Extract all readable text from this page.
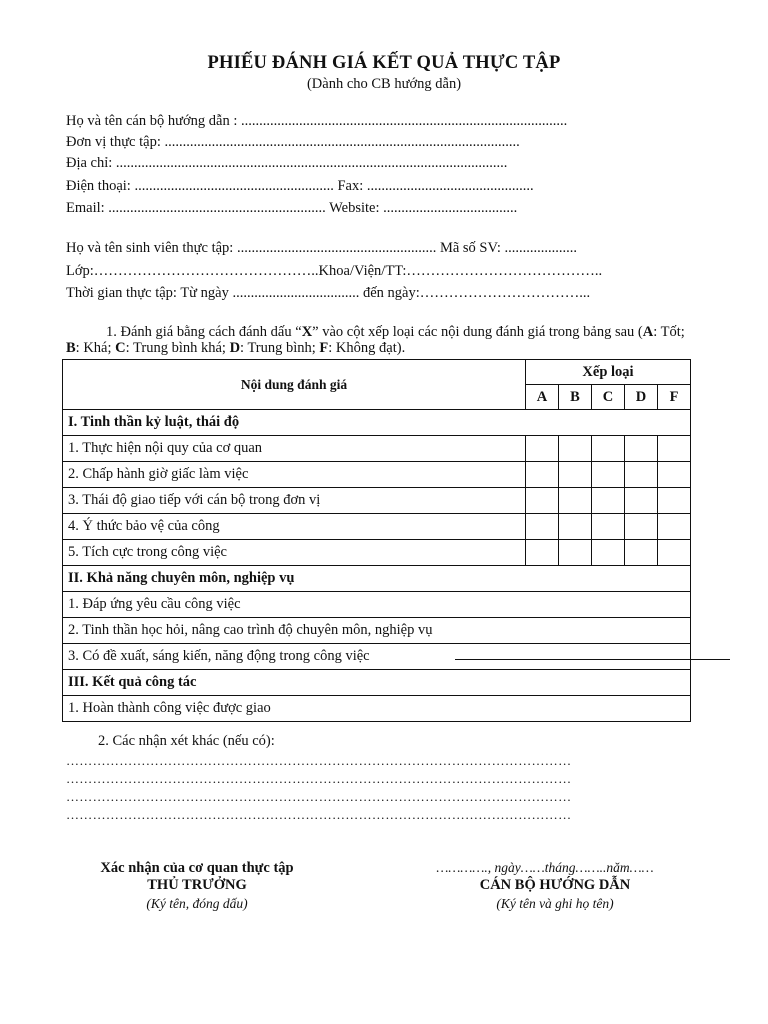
PHIẾU ĐÁNH GIÁ KẾT QUẢ THỰC TẬP
(Dành cho CB hướng dẫn)
Họ và tên cán bộ hướng dẫn : ..........................................................................................
Đơn vị thực tập: ..................................................................................................
Địa chỉ: ............................................................................................................
Điện thoại: ....................................................... Fax: ..............................................
Email: ............................................................ Website: .....................................
Họ và tên sinh viên thực tập: ....................................................... Mã số SV: ....................
Lớp:………………………………………..Khoa/Viện/TT:…………………………………..
Thời gian thực tập: Từ ngày ................................... đến ngày:……………………………...
1. Đánh giá bằng cách đánh dấu “X” vào cột xếp loại các nội dung đánh giá trong bảng sau (A: Tốt; B: Khá; C: Trung bình khá; D: Trung bình; F: Không đạt).
Nội dung đánh giá	Xếp loại				
	A	B	C	D	F
I. Tinh thần kỷ luật, thái độ					
1. Thực hiện nội quy của cơ quan					
2. Chấp hành giờ giấc làm việc					
3. Thái độ giao tiếp với cán bộ trong đơn vị					
4. Ý thức bảo vệ của công					
5. Tích cực trong công việc					
II. Khả năng chuyên môn, nghiệp vụ					
1. Đáp ứng yêu cầu công việc					
2. Tinh thần học hỏi, nâng cao trình độ chuyên môn, nghiệp vụ					
3. Có đề xuất, sáng kiến, năng động trong công việc					
III. Kết quả công tác					
1. Hoàn thành công việc được giao					
2. Các nhận xét khác (nếu có):
……………………………………………………………………………………………………
……………………………………………………………………………………………………
……………………………………………………………………………………………………
……………………………………………………………………………………………………
Xác nhận của cơ quan thực tập
THỦ TRƯỞNG
(Ký tên, đóng dấu)
…………., ngày……tháng……..năm……
CÁN BỘ HƯỚNG DẪN
(Ký tên và ghi họ tên)
